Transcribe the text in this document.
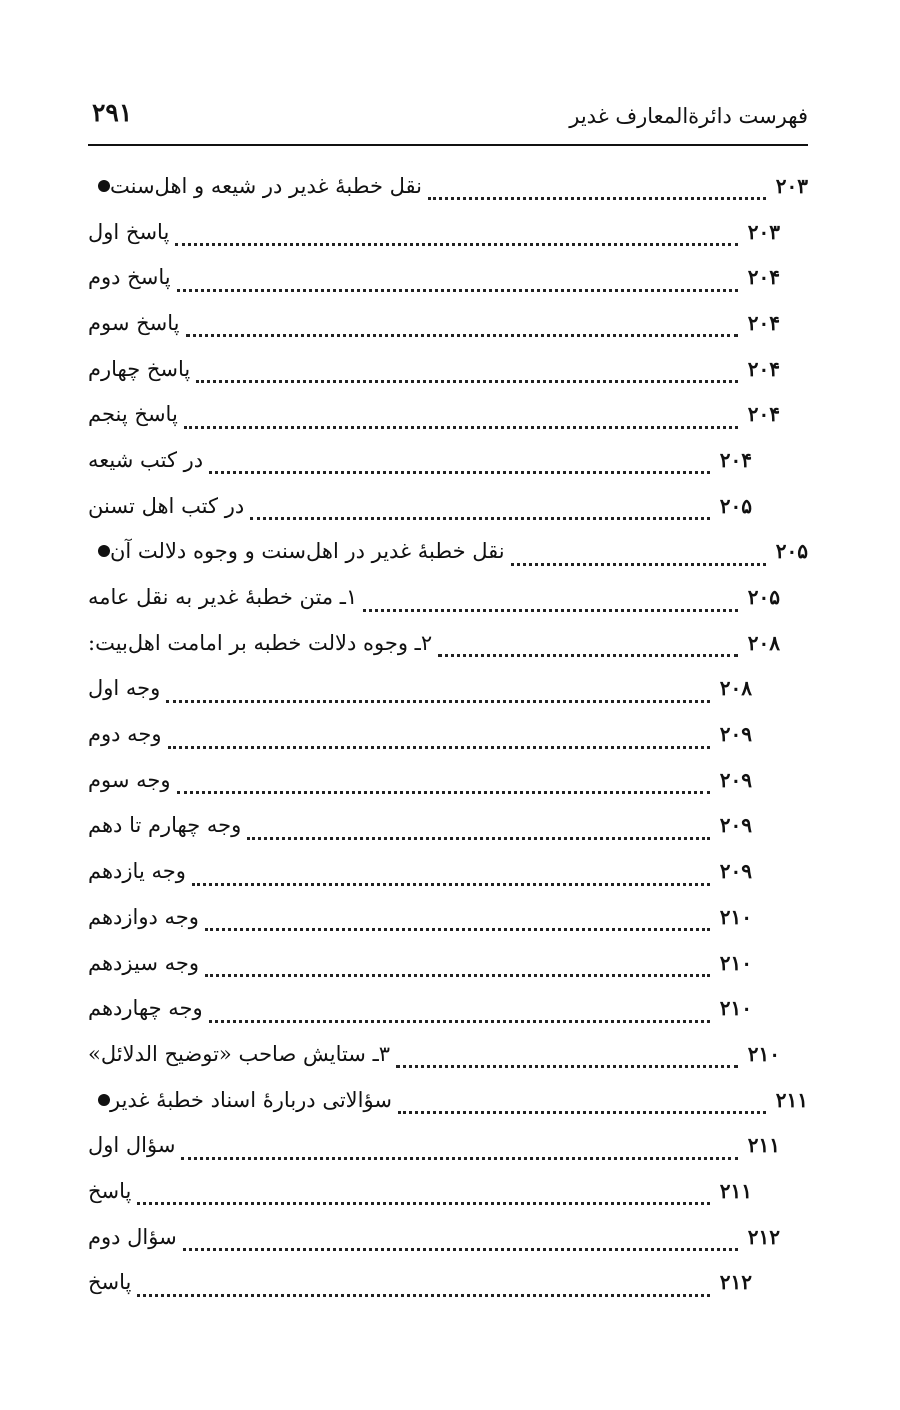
فهرست دائرةالمعارف غدیر
۲۹۱
نقل خطبهٔ غدیر در شیعه و اهل‌سنت	۲۰۳
پاسخ اول	۲۰۳
پاسخ دوم	۲۰۴
پاسخ سوم	۲۰۴
پاسخ چهارم	۲۰۴
پاسخ پنجم	۲۰۴
در کتب شیعه	۲۰۴
در کتب اهل تسنن	۲۰۵
نقل خطبهٔ غدیر در اهل‌سنت و وجوه دلالت آن	۲۰۵
۱ـ متن خطبهٔ غدیر به نقل عامه	۲۰۵
۲ـ وجوه دلالت خطبه بر امامت اهل‌بیت:	۲۰۸
وجه اول	۲۰۸
وجه دوم	۲۰۹
وجه سوم	۲۰۹
وجه چهارم تا دهم	۲۰۹
وجه یازدهم	۲۰۹
وجه دوازدهم	۲۱۰
وجه سیزدهم	۲۱۰
وجه چهاردهم	۲۱۰
۳ـ ستایش صاحب «توضیح الدلائل»	۲۱۰
سؤالاتی دربارهٔ اسناد خطبهٔ غدیر	۲۱۱
سؤال اول	۲۱۱
پاسخ	۲۱۱
سؤال دوم	۲۱۲
پاسخ	۲۱۲
